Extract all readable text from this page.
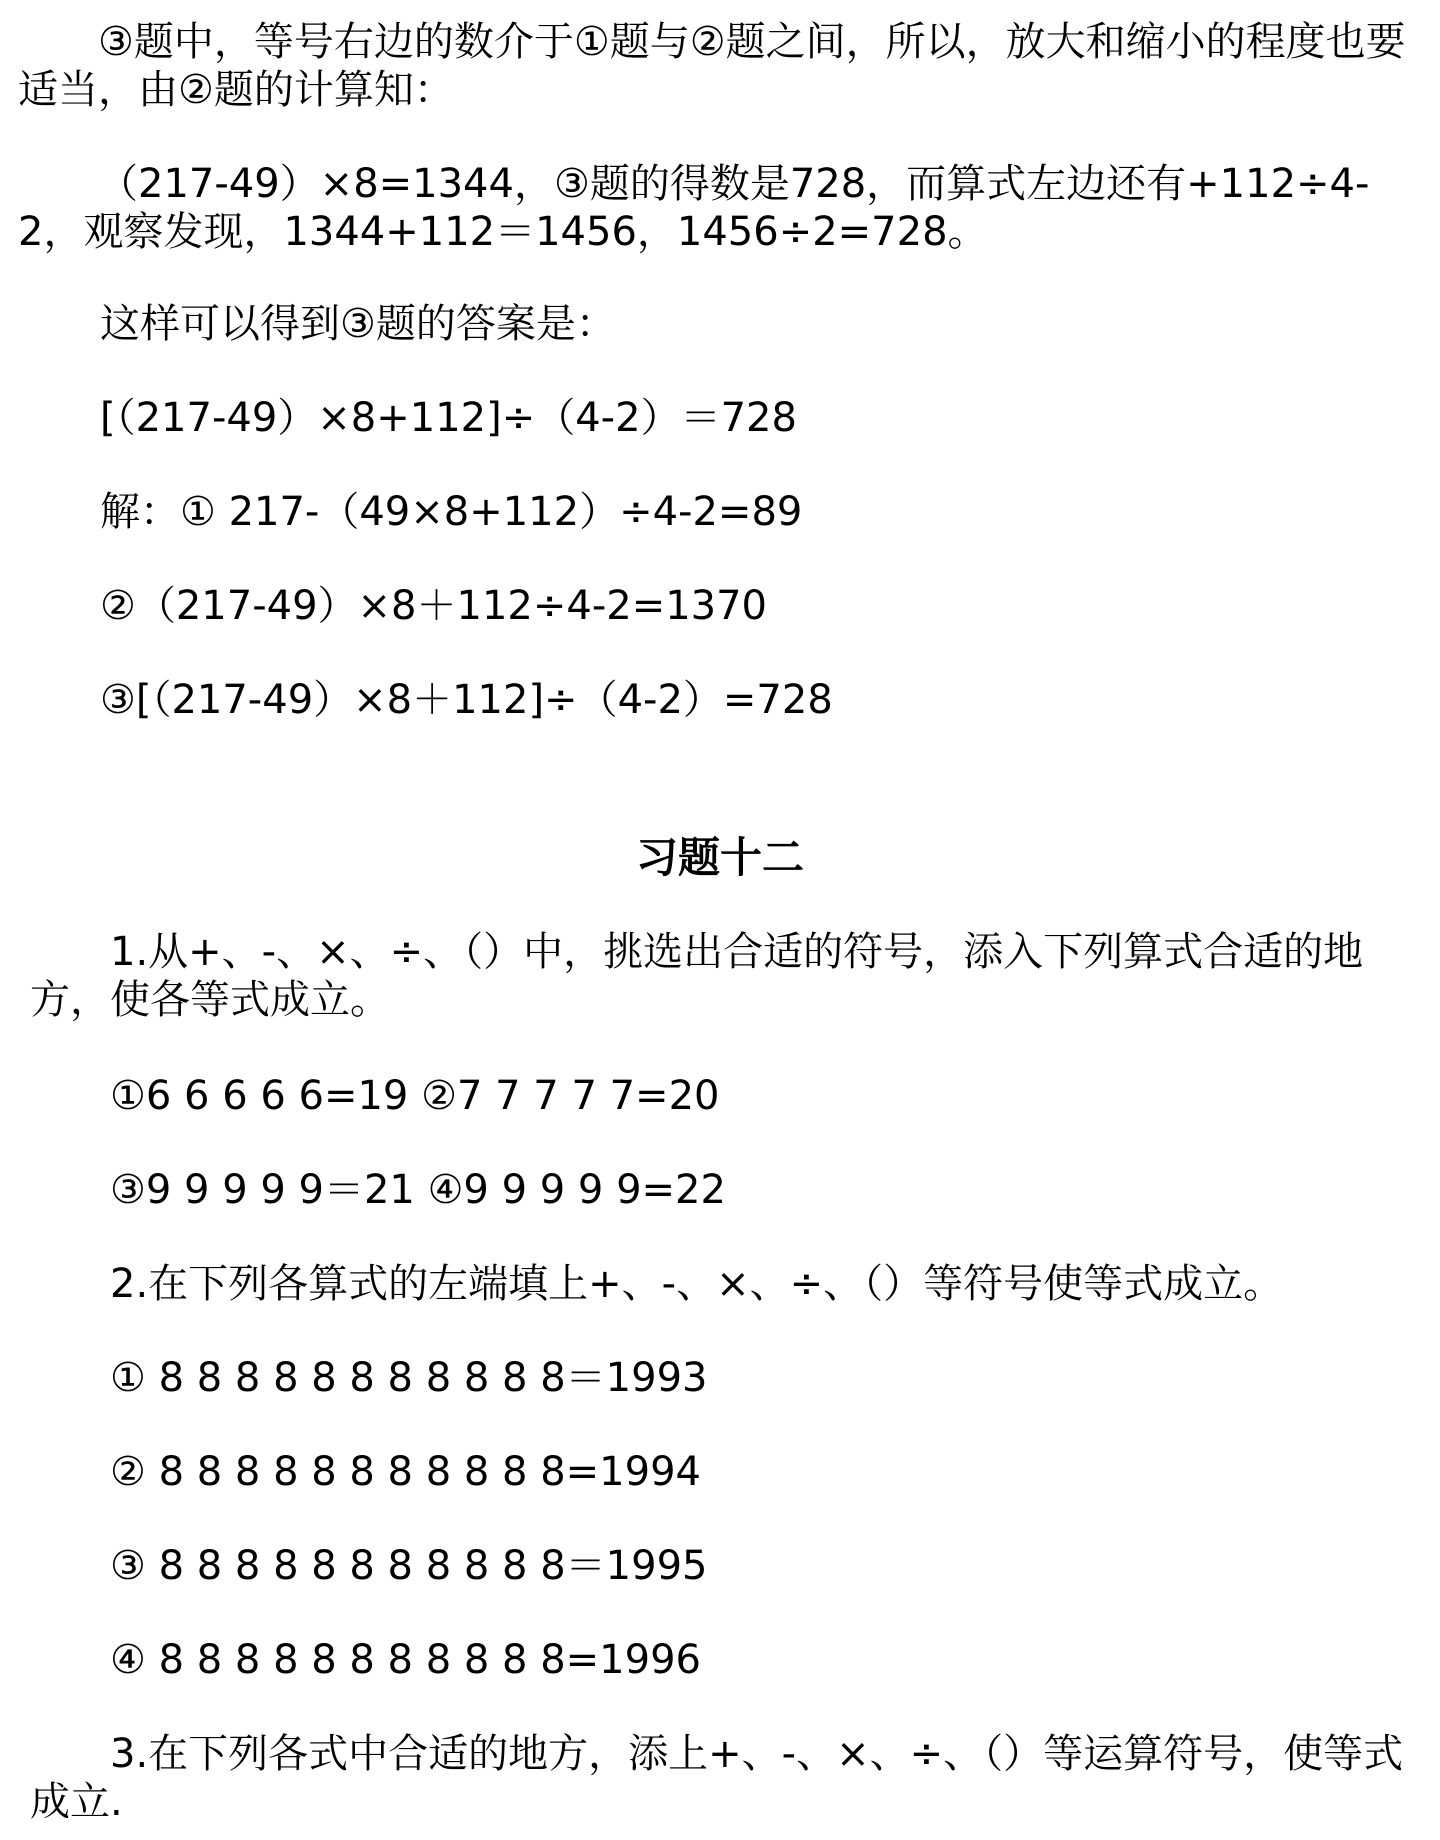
③题中，等号右边的数介于①题与②题之间，所以，放大和缩小的程度也要适当，由②题的计算知：
（217-49）×8=1344，③题的得数是728，而算式左边还有+112÷4-2，观察发现，1344+112＝1456，1456÷2=728。
这样可以得到③题的答案是：
[（217-49）×8+112]÷（4-2）＝728
解：① 217-（49×8+112）÷4-2=89
②（217-49）×8＋112÷4-2=1370
③[（217-49）×8＋112]÷（4-2）=728
习题十二
1.从+、-、×、÷、（）中，挑选出合适的符号，添入下列算式合适的地方，使各等式成立。
①6 6 6 6 6=19 ②7 7 7 7 7=20
③9 9 9 9 9＝21 ④9 9 9 9 9=22
2.在下列各算式的左端填上+、-、×、÷、（）等符号使等式成立。
① 8 8 8 8 8 8 8 8 8 8 8＝1993
② 8 8 8 8 8 8 8 8 8 8 8=1994
③ 8 8 8 8 8 8 8 8 8 8 8＝1995
④ 8 8 8 8 8 8 8 8 8 8 8=1996
3.在下列各式中合适的地方，添上+、-、×、÷、（）等运算符号，使等式成立.
